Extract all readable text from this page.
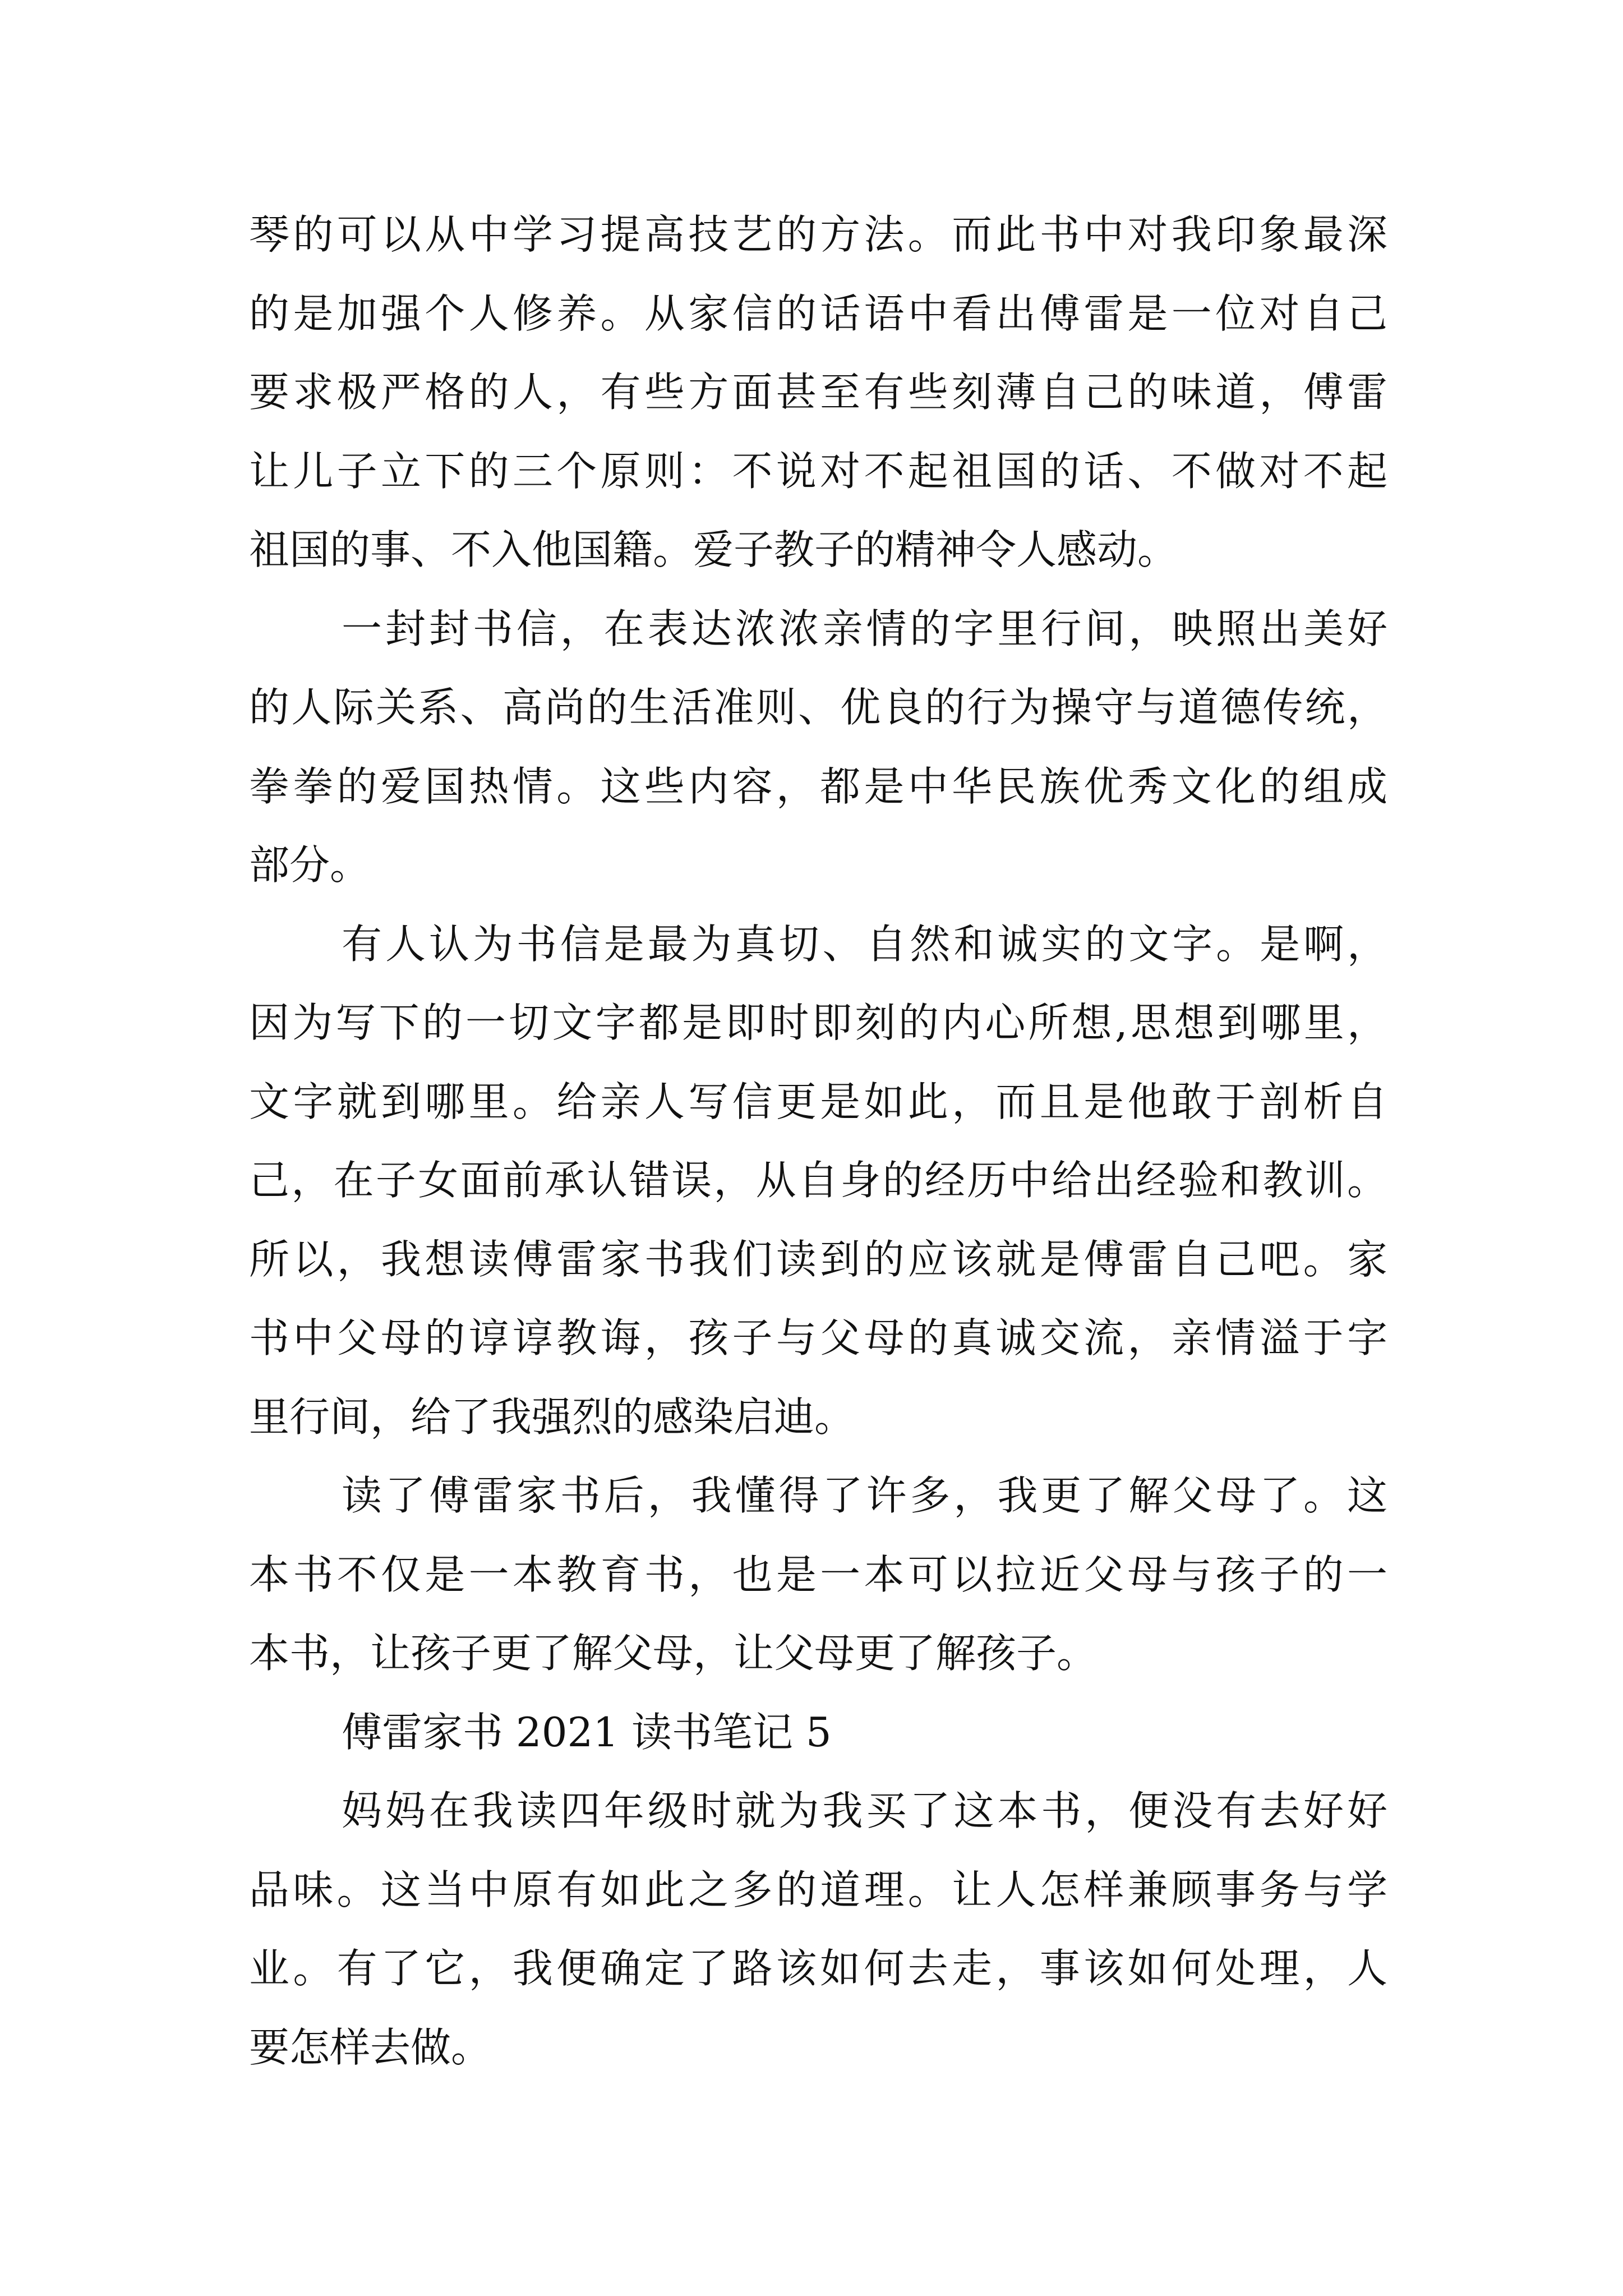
琴的可以从中学习提高技艺的方法。而此书中对我印象最深

的是加强个人修养。从家信的话语中看出傅雷是一位对自己

要求极严格的人，有些方面甚至有些刻薄自己的味道，傅雷

让儿子立下的三个原则：不说对不起祖国的话、不做对不起

祖国的事、不入他国籍。爱子教子的精神令人感动。

一封封书信，在表达浓浓亲情的字里行间，映照出美好

的人际关系、高尚的生活准则、优良的行为操守与道德传统，

拳拳的爱国热情。这些内容，都是中华民族优秀文化的组成

部分。

有人认为书信是最为真切、自然和诚实的文字。是啊，

因为写下的一切文字都是即时即刻的内心所想,思想到哪里，

文字就到哪里。给亲人写信更是如此，而且是他敢于剖析自

己，在子女面前承认错误，从自身的经历中给出经验和教训。

所以，我想读傅雷家书我们读到的应该就是傅雷自己吧。家

书中父母的谆谆教诲，孩子与父母的真诚交流，亲情溢于字

里行间，给了我强烈的感染启迪。

读了傅雷家书后，我懂得了许多，我更了解父母了。这

本书不仅是一本教育书，也是一本可以拉近父母与孩子的一

本书，让孩子更了解父母，让父母更了解孩子。

傅雷家书 2021 读书笔记 5

妈妈在我读四年级时就为我买了这本书，便没有去好好

品味。这当中原有如此之多的道理。让人怎样兼顾事务与学

业。有了它，我便确定了路该如何去走，事该如何处理，人

要怎样去做。
